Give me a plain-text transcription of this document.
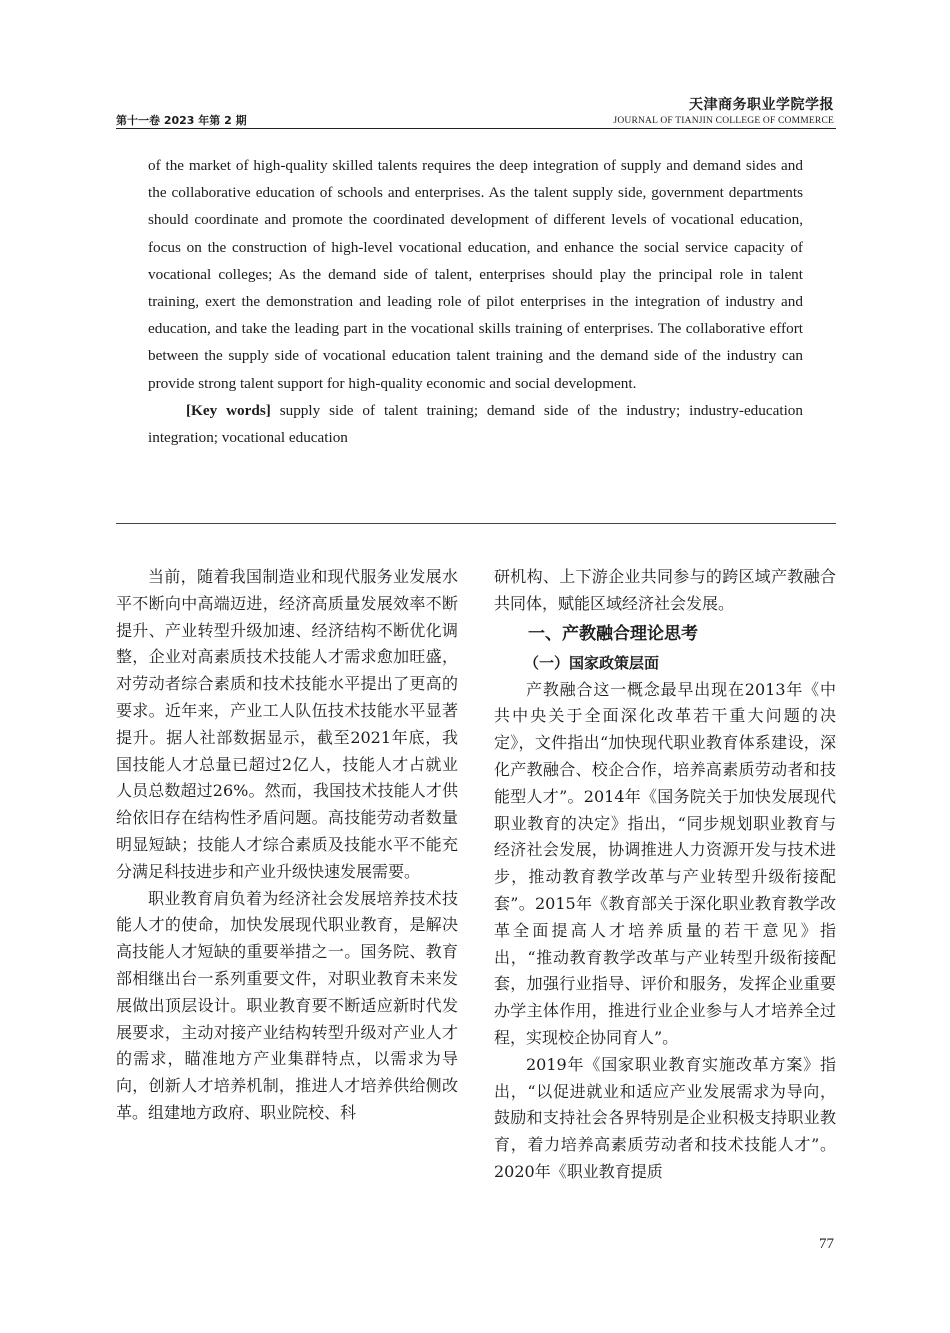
第十一卷 2023 年第 2 期
天津商务职业学院学报
JOURNAL OF TIANJIN COLLEGE OF COMMERCE

of the market of high-quality skilled talents requires the deep integration of supply and demand sides and the collaborative education of schools and enterprises. As the talent supply side, government departments should coordinate and promote the coordinated development of different levels of vocational education, focus on the construction of high-level vocational education, and enhance the social service capacity of vocational colleges; As the demand side of talent, enterprises should play the principal role in talent training, exert the demonstration and leading role of pilot enterprises in the integration of industry and education, and take the leading part in the vocational skills training of enterprises. The collaborative effort between the supply side of vocational education talent training and the demand side of the industry can provide strong talent support for high-quality economic and social development.

[Key words] supply side of talent training; demand side of the industry; industry-education integration; vocational education

当前，随着我国制造业和现代服务业发展水平不断向中高端迈进，经济高质量发展效率不断提升、产业转型升级加速、经济结构不断优化调整，企业对高素质技术技能人才需求愈加旺盛，对劳动者综合素质和技术技能水平提出了更高的要求。近年来，产业工人队伍技术技能水平显著提升。据人社部数据显示，截至2021年底，我国技能人才总量已超过2亿人，技能人才占就业人员总数超过26%。然而，我国技术技能人才供给依旧存在结构性矛盾问题。高技能劳动者数量明显短缺；技能人才综合素质及技能水平不能充分满足科技进步和产业升级快速发展需要。

职业教育肩负着为经济社会发展培养技术技能人才的使命，加快发展现代职业教育，是解决高技能人才短缺的重要举措之一。国务院、教育部相继出台一系列重要文件，对职业教育未来发展做出顶层设计。职业教育要不断适应新时代发展要求，主动对接产业结构转型升级对产业人才的需求，瞄准地方产业集群特点，以需求为导向，创新人才培养机制，推进人才培养供给侧改革。组建地方政府、职业院校、科

研机构、上下游企业共同参与的跨区域产教融合共同体，赋能区域经济社会发展。

一、产教融合理论思考
（一）国家政策层面

产教融合这一概念最早出现在2013年《中共中央关于全面深化改革若干重大问题的决定》，文件指出“加快现代职业教育体系建设，深化产教融合、校企合作，培养高素质劳动者和技能型人才”。2014年《国务院关于加快发展现代职业教育的决定》指出，“同步规划职业教育与经济社会发展，协调推进人力资源开发与技术进步，推动教育教学改革与产业转型升级衔接配套”。2015年《教育部关于深化职业教育教学改革全面提高人才培养质量的若干意见》指出，“推动教育教学改革与产业转型升级衔接配套，加强行业指导、评价和服务，发挥企业重要办学主体作用，推进行业企业参与人才培养全过程，实现校企协同育人”。

2019年《国家职业教育实施改革方案》指出，“以促进就业和适应产业发展需求为导向，鼓励和支持社会各界特别是企业积极支持职业教育，着力培养高素质劳动者和技术技能人才”。2020年《职业教育提质

77
